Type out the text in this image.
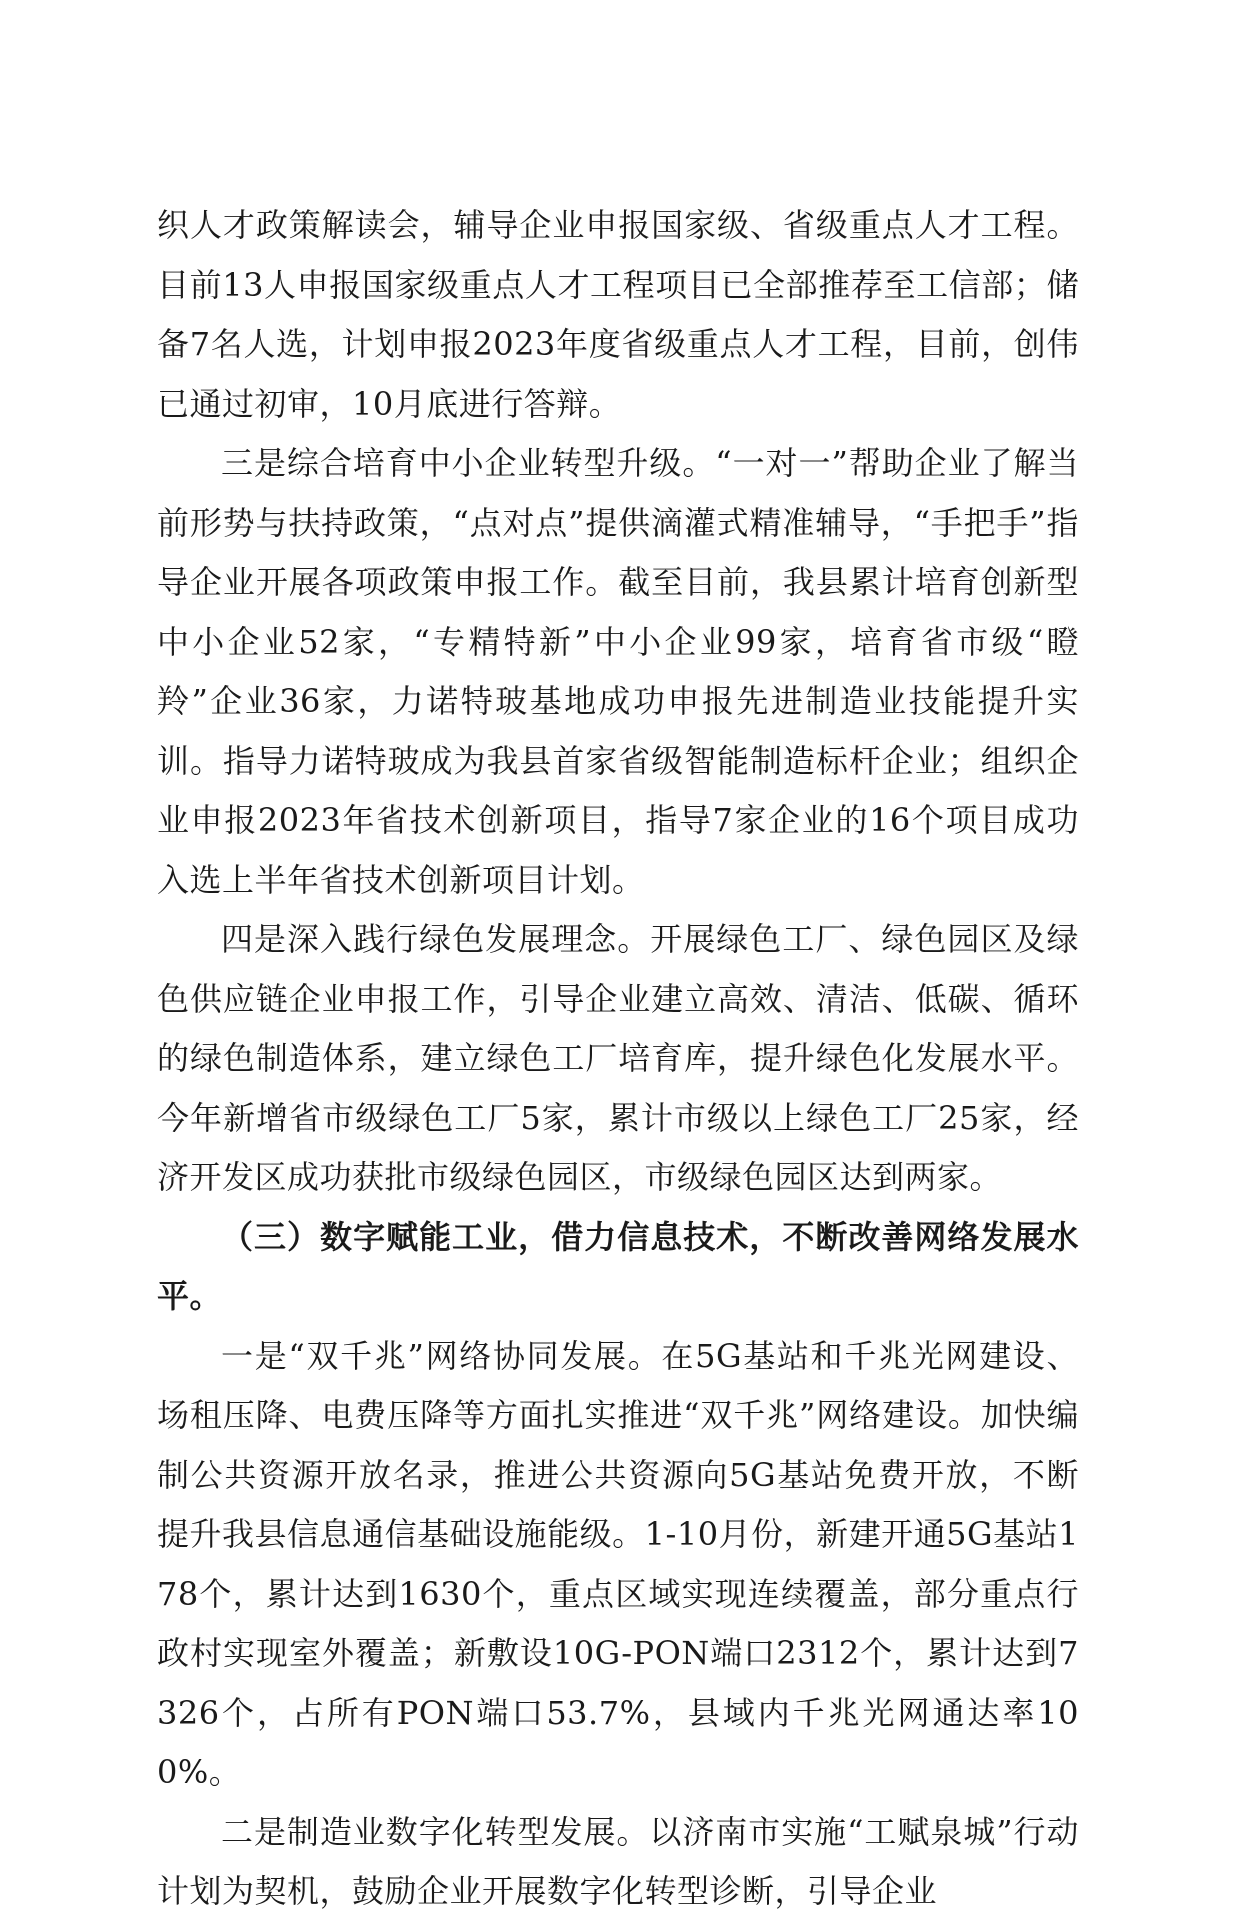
织人才政策解读会，辅导企业申报国家级、省级重点人才工程。目前13人申报国家级重点人才工程项目已全部推荐至工信部；储备7名人选，计划申报2023年度省级重点人才工程，目前，创伟已通过初审，10月底进行答辩。

三是综合培育中小企业转型升级。“一对一”帮助企业了解当前形势与扶持政策，“点对点”提供滴灌式精准辅导，“手把手”指导企业开展各项政策申报工作。截至目前，我县累计培育创新型中小企业52家，“专精特新”中小企业99家，培育省市级“瞪羚”企业36家，力诺特玻基地成功申报先进制造业技能提升实训。指导力诺特玻成为我县首家省级智能制造标杆企业；组织企业申报2023年省技术创新项目，指导7家企业的16个项目成功入选上半年省技术创新项目计划。

四是深入践行绿色发展理念。开展绿色工厂、绿色园区及绿色供应链企业申报工作，引导企业建立高效、清洁、低碳、循环的绿色制造体系，建立绿色工厂培育库，提升绿色化发展水平。今年新增省市级绿色工厂5家，累计市级以上绿色工厂25家，经济开发区成功获批市级绿色园区，市级绿色园区达到两家。

（三）数字赋能工业，借力信息技术，不断改善网络发展水平。

一是“双千兆”网络协同发展。在5G基站和千兆光网建设、场租压降、电费压降等方面扎实推进“双千兆”网络建设。加快编制公共资源开放名录，推进公共资源向5G基站免费开放，不断提升我县信息通信基础设施能级。1-10月份，新建开通5G基站178个，累计达到1630个，重点区域实现连续覆盖，部分重点行政村实现室外覆盖；新敷设10G-PON端口2312个，累计达到7326个，占所有PON端口53.7%，县域内千兆光网通达率100%。

二是制造业数字化转型发展。以济南市实施“工赋泉城”行动计划为契机，鼓励企业开展数字化转型诊断，引导企业
